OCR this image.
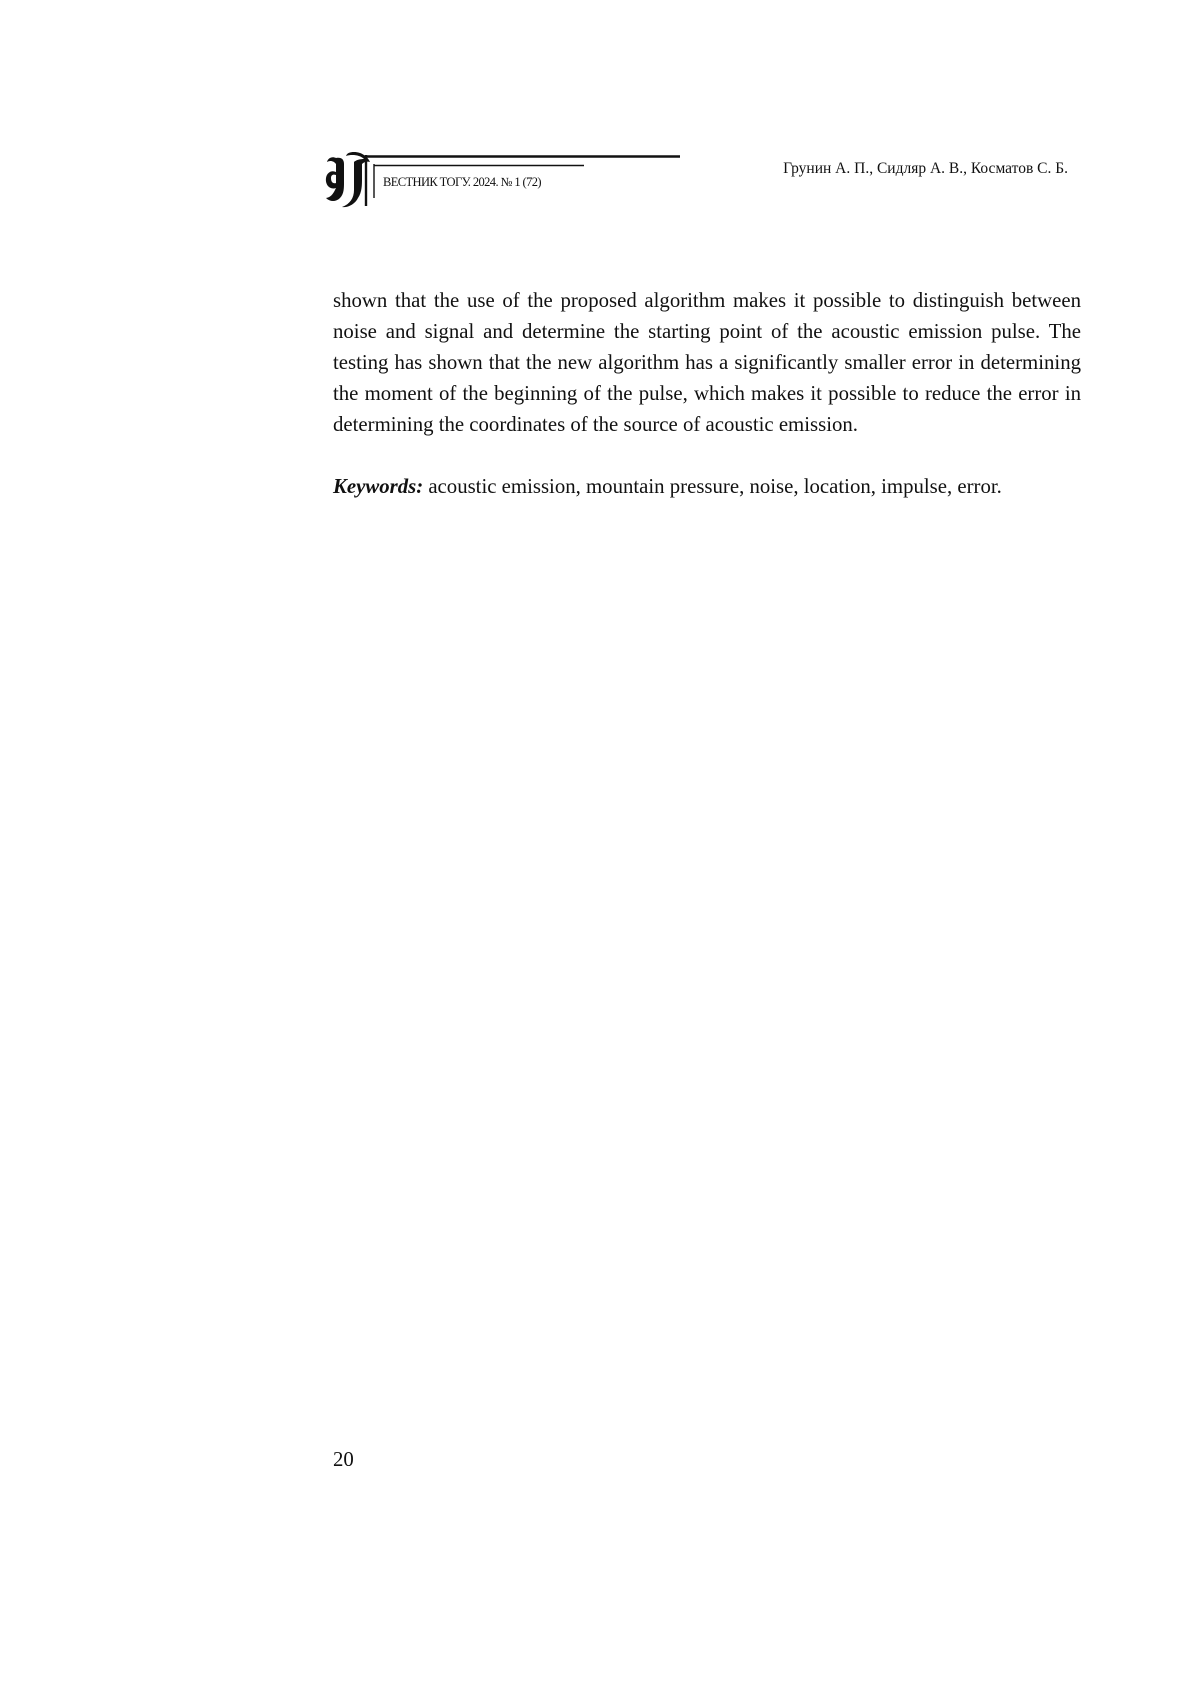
ВЕСТНИК ТОГУ. 2024. № 1 (72)
Грунин А. П., Сидляр А. В., Косматов С. Б.

shown that the use of the proposed algorithm makes it possible to distinguish between noise and signal and determine the starting point of the acoustic emission pulse. The testing has shown that the new algorithm has a significantly smaller error in determining the moment of the beginning of the pulse, which makes it possible to reduce the error in determining the coordinates of the source of acoustic emission.

Keywords: acoustic emission, mountain pressure, noise, location, impulse, error.

20
